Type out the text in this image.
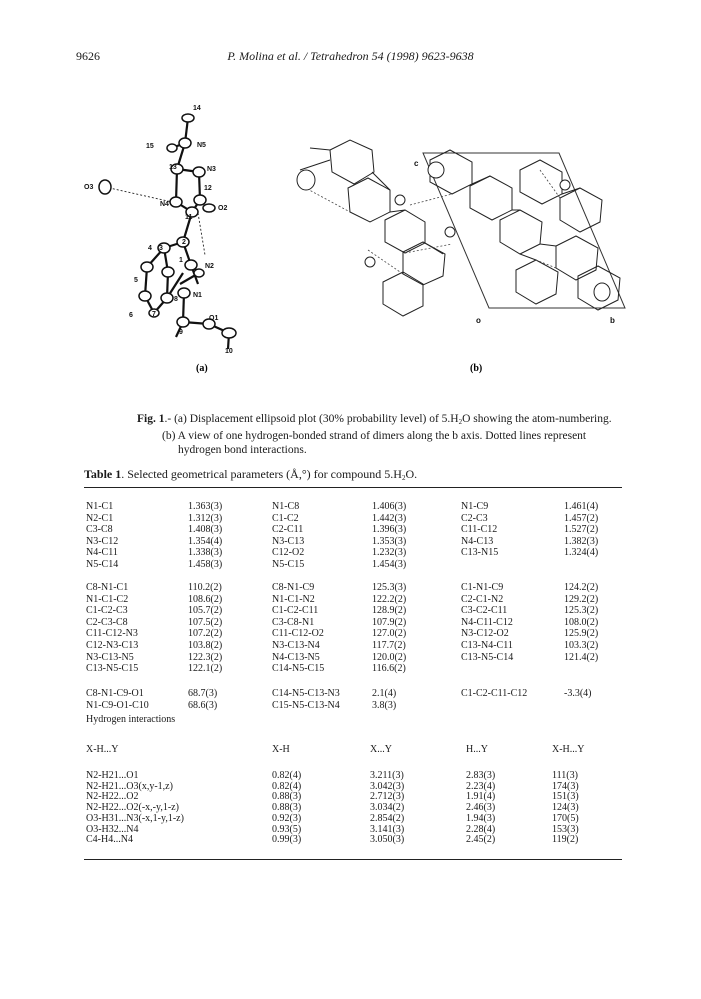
9626	P. Molina et al. / Tetrahedron 54 (1998) 9623-9638
14
N5
15
13	N3
O3	12
N4
O2
11
2
4 3
1
N2
5
8
N1
6	7
O1
9
10
c
o	b
(a)	(b)
Fig. 1.- (a) Displacement ellipsoid plot (30% probability level) of $5.H_2O$ showing the atom-numbering.
(b) A view of one hydrogen-bonded strand of dimers along the b axis. Dotted lines represent
hydrogen bond interactions.
Table 1. Selected geometrical parameters (Å,°) for compound $5.H_2O$.
N1-C1	1.363(3)	N1-C8	1.406(3)	N1-C9	1.461(4)
N2-C1	1.312(3)	C1-C2	1.442(3)	C2-C3	1.457(2)
C3-C8	1.408(3)	C2-C11	1.396(3)	C11-C12	1.527(2)
N3-C12	1.354(4)	N3-C13	1.353(3)	N4-C13	1.382(3)
N4-C11	1.338(3)	C12-O2	1.232(3)	C13-N15	1.324(4)
N5-C14	1.458(3)	N5-C15	1.454(3)
C8-N1-C1	110.2(2)	C8-N1-C9	125.3(3)	C1-N1-C9	124.2(2)
N1-C1-C2	108.6(2)	N1-C1-N2	122.2(2)	C2-C1-N2	129.2(2)
C1-C2-C3	105.7(2)	C1-C2-C11	128.9(2)	C3-C2-C11	125.3(2)
C2-C3-C8	107.5(2)	C3-C8-N1	107.9(2)	N4-C11-C12	108.0(2)
C11-C12-N3	107.2(2)	C11-C12-O2	127.0(2)	N3-C12-O2	125.9(2)
C12-N3-C13	103.8(2)	N3-C13-N4	117.7(2)	C13-N4-C11	103.3(2)
N3-C13-N5	122.3(2)	N4-C13-N5	120.0(2)	C13-N5-C14	121.4(2)
C13-N5-C15	122.1(2)	C14-N5-C15	116.6(2)
C8-N1-C9-O1	68.7(3)	C14-N5-C13-N3	2.1(4)	C1-C2-C11-C12	-3.3(4)
N1-C9-O1-C10	68.6(3)	C15-N5-C13-N4	3.8(3)
Hydrogen interactions
X-H...Y	X-H	X...Y	H...Y	X-H...Y
N2-H21...O1	0.82(4)	3.211(3)	2.83(3)	111(3)
N2-H21...O3(x,y-1,z)	0.82(4)	3.042(3)	2.23(4)	174(3)
N2-H22...O2	0.88(3)	2.712(3)	1.91(4)	151(3)
N2-H22...O2(-x,-y,1-z)	0.88(3)	3.034(2)	2.46(3)	124(3)
O3-H31...N3(-x,1-y,1-z)	0.92(3)	2.854(2)	1.94(3)	170(5)
O3-H32...N4	0.93(5)	3.141(3)	2.28(4)	153(3)
C4-H4...N4	0.99(3)	3.050(3)	2.45(2)	119(2)
